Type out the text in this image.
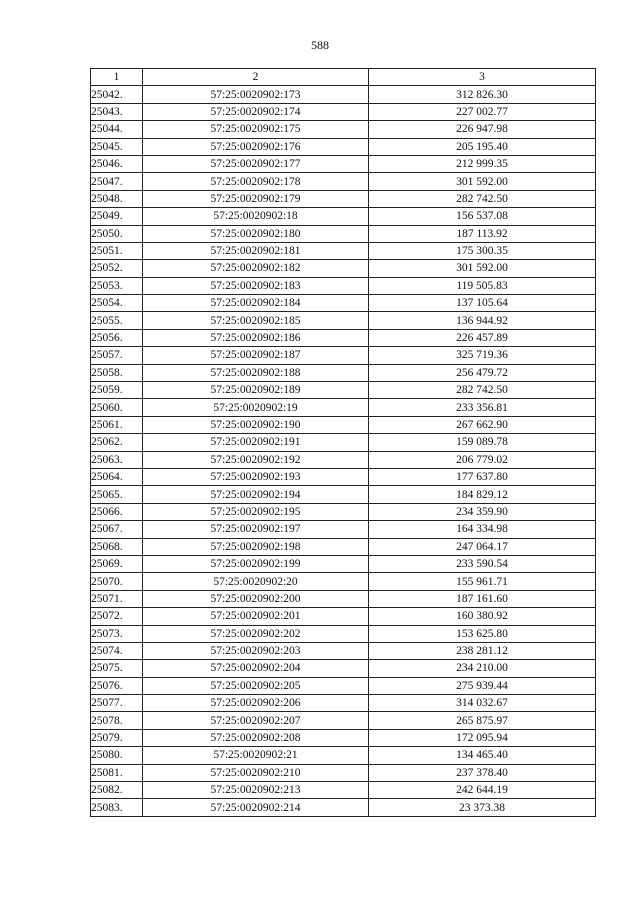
588
1	2	3
25042.	57:25:0020902:173	312 826.30
25043.	57:25:0020902:174	227 002.77
25044.	57:25:0020902:175	226 947.98
25045.	57:25:0020902:176	205 195.40
25046.	57:25:0020902:177	212 999.35
25047.	57:25:0020902:178	301 592.00
25048.	57:25:0020902:179	282 742.50
25049.	57:25:0020902:18	156 537.08
25050.	57:25:0020902:180	187 113.92
25051.	57:25:0020902:181	175 300.35
25052.	57:25:0020902:182	301 592.00
25053.	57:25:0020902:183	119 505.83
25054.	57:25:0020902:184	137 105.64
25055.	57:25:0020902:185	136 944.92
25056.	57:25:0020902:186	226 457.89
25057.	57:25:0020902:187	325 719.36
25058.	57:25:0020902:188	256 479.72
25059.	57:25:0020902:189	282 742.50
25060.	57:25:0020902:19	233 356.81
25061.	57:25:0020902:190	267 662.90
25062.	57:25:0020902:191	159 089.78
25063.	57:25:0020902:192	206 779.02
25064.	57:25:0020902:193	177 637.80
25065.	57:25:0020902:194	184 829.12
25066.	57:25:0020902:195	234 359.90
25067.	57:25:0020902:197	164 334.98
25068.	57:25:0020902:198	247 064.17
25069.	57:25:0020902:199	233 590.54
25070.	57:25:0020902:20	155 961.71
25071.	57:25:0020902:200	187 161.60
25072.	57:25:0020902:201	160 380.92
25073.	57:25:0020902:202	153 625.80
25074.	57:25:0020902:203	238 281.12
25075.	57:25:0020902:204	234 210.00
25076.	57:25:0020902:205	275 939.44
25077.	57:25:0020902:206	314 032.67
25078.	57:25:0020902:207	265 875.97
25079.	57:25:0020902:208	172 095.94
25080.	57:25:0020902:21	134 465.40
25081.	57:25:0020902:210	237 378.40
25082.	57:25:0020902:213	242 644.19
25083.	57:25:0020902:214	23 373.38
